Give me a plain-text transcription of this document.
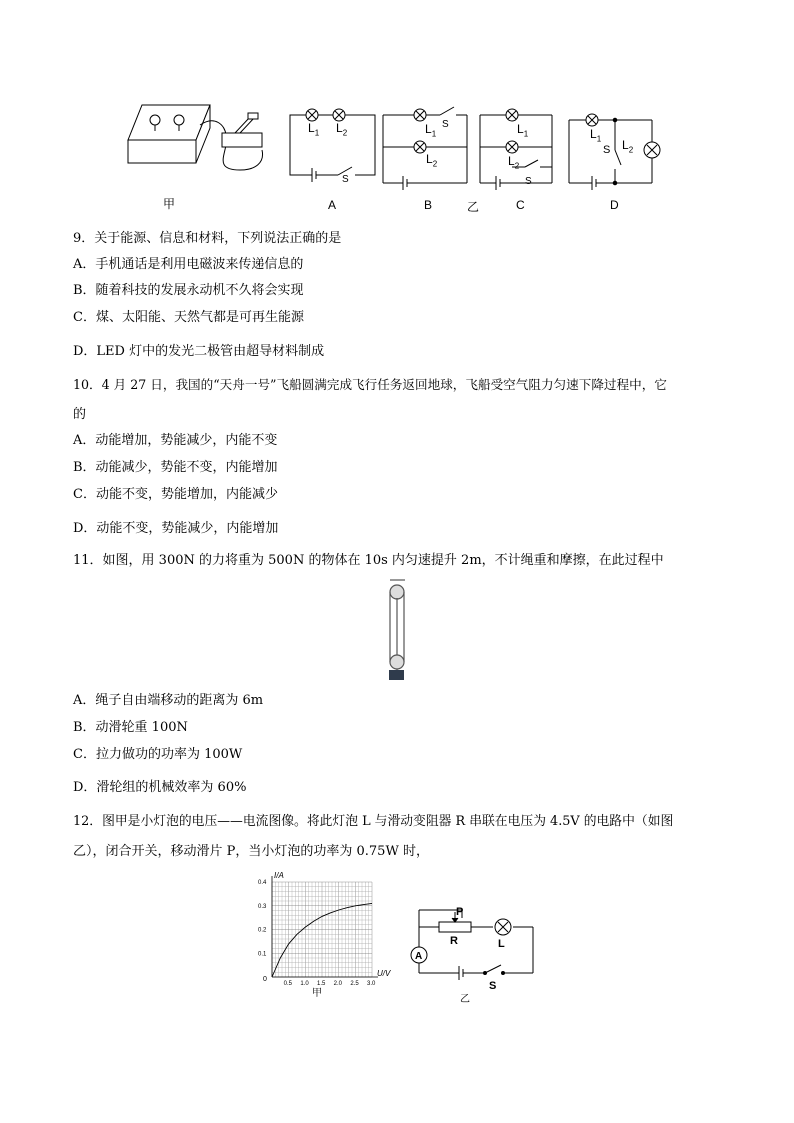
$L_1$ $L_2$
S
$L_1$
S
$L_2$
$L_1$
$L_2$
S
$L_1$
S $L_2$
甲	A	B	乙	C	D
9．关于能源、信息和材料，下列说法正确的是
A．手机通话是利用电磁波来传递信息的
B．随着科技的发展永动机不久将会实现
C．煤、太阳能、天然气都是可再生能源
D．LED 灯中的发光二极管由超导材料制成
10．4 月 27 日，我国的“天舟一号”飞船圆满完成飞行任务返回地球，飞船受空气阻力匀速下降过程中，它
的
A．动能增加，势能减少，内能不变
B．动能减少，势能不变，内能增加
C．动能不变，势能增加，内能减少
D．动能不变，势能减少，内能增加
11．如图，用 300N 的力将重为 500N 的物体在 10s 内匀速提升 2m，不计绳重和摩擦，在此过程中
A．绳子自由端移动的距离为 6m
B．动滑轮重 100N
C．拉力做功的功率为 100W
D．滑轮组的机械效率为 60%
12．图甲是小灯泡的电压——电流图像。将此灯泡 L 与滑动变阻器 R 串联在电压为 4.5V 的电路中（如图
乙），闭合开关，移动滑片 P，当小灯泡的功率为 0.75W 时，
0.5 1.0 1.5 2.0 2.5 3.0
0.4
0.3
0.2
0.1
I/A
U/V
0
甲
P
R	L
A
S
乙
